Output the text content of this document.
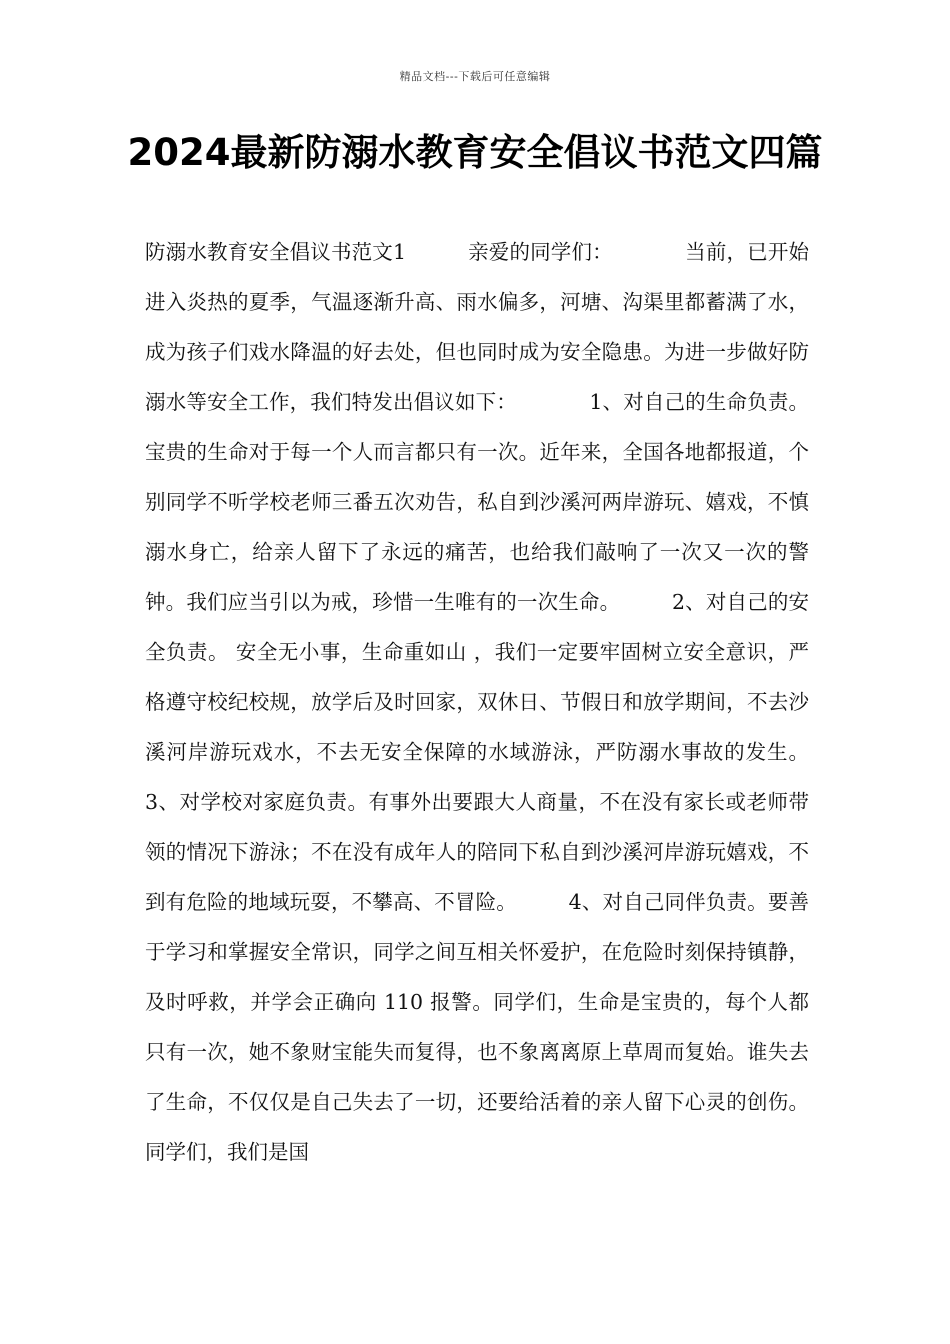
精品文档---下载后可任意编辑
2024最新防溺水教育安全倡议书范文四篇

防溺水教育安全倡议书范文1　　　亲爱的同学们：　　　　当前，已开始进入炎热的夏季，气温逐渐升高、雨水偏多，河塘、沟渠里都蓄满了水，成为孩子们戏水降温的好去处，但也同时成为安全隐患。为进一步做好防溺水等安全工作，我们特发出倡议如下：　　　　1、对自己的生命负责。宝贵的生命对于每一个人而言都只有一次。近年来，全国各地都报道，个别同学不听学校老师三番五次劝告，私自到沙溪河两岸游玩、嬉戏，不慎溺水身亡，给亲人留下了永远的痛苦，也给我们敲响了一次又一次的警钟。我们应当引以为戒，珍惜一生唯有的一次生命。　　　2、对自己的安全负责。 安全无小事，生命重如山 ，我们一定要牢固树立安全意识，严格遵守校纪校规，放学后及时回家，双休日、节假日和放学期间，不去沙溪河岸游玩戏水，不去无安全保障的水域游泳，严防溺水事故的发生。3、对学校对家庭负责。有事外出要跟大人商量，不在没有家长或老师带领的情况下游泳；不在没有成年人的陪同下私自到沙溪河岸游玩嬉戏，不到有危险的地域玩耍，不攀高、不冒险。　　　4、对自己同伴负责。要善于学习和掌握安全常识，同学之间互相关怀爱护，在危险时刻保持镇静，及时呼救，并学会正确向 110 报警。同学们，生命是宝贵的，每个人都只有一次，她不象财宝能失而复得，也不象离离原上草周而复始。谁失去了生命，不仅仅是自己失去了一切，还要给活着的亲人留下心灵的创伤。同学们，我们是国
